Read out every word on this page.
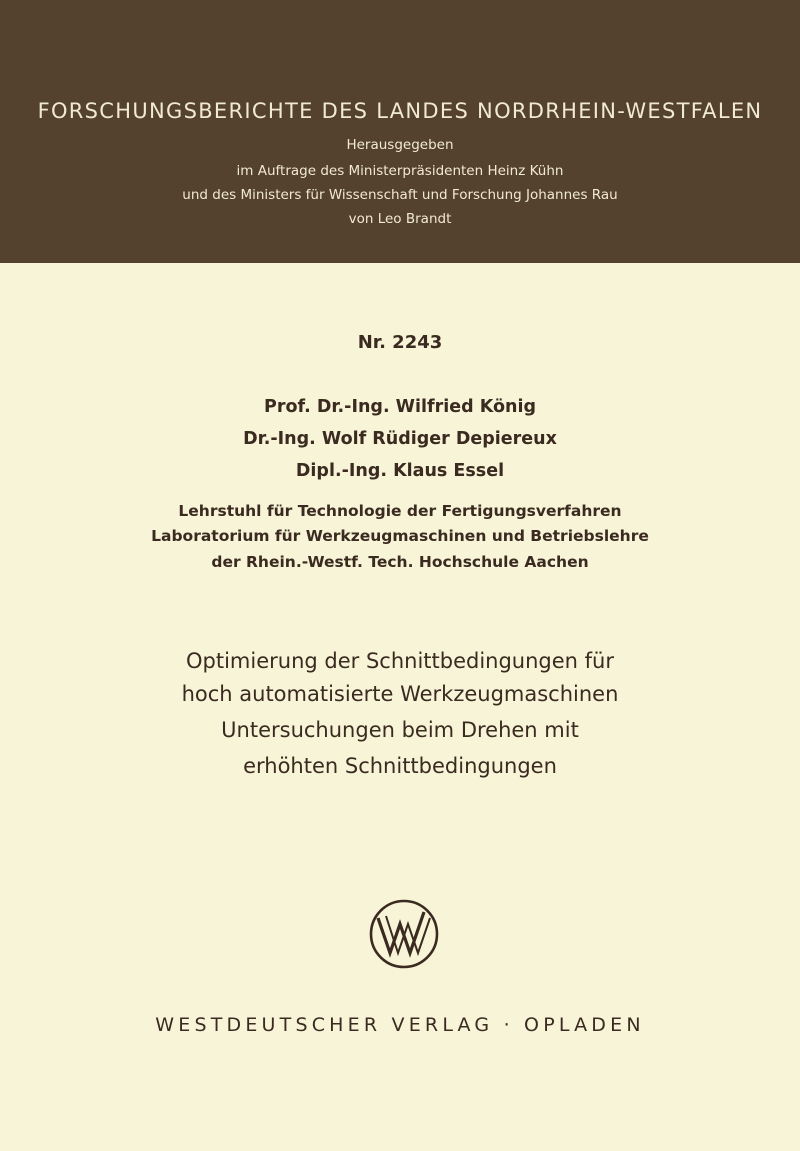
FORSCHUNGSBERICHTE DES LANDES NORDRHEIN-WESTFALEN
Herausgegeben
im Auftrage des Ministerpräsidenten Heinz Kühn
und des Ministers für Wissenschaft und Forschung Johannes Rau
von Leo Brandt
Nr. 2243
Prof. Dr.-Ing. Wilfried König
Dr.-Ing. Wolf Rüdiger Depiereux
Dipl.-Ing. Klaus Essel
Lehrstuhl für Technologie der Fertigungsverfahren
Laboratorium für Werkzeugmaschinen und Betriebslehre
der Rhein.-Westf. Tech. Hochschule Aachen
Optimierung der Schnittbedingungen für
hoch automatisierte Werkzeugmaschinen
Untersuchungen beim Drehen mit
erhöhten Schnittbedingungen
WESTDEUTSCHER VERLAG · OPLADEN
